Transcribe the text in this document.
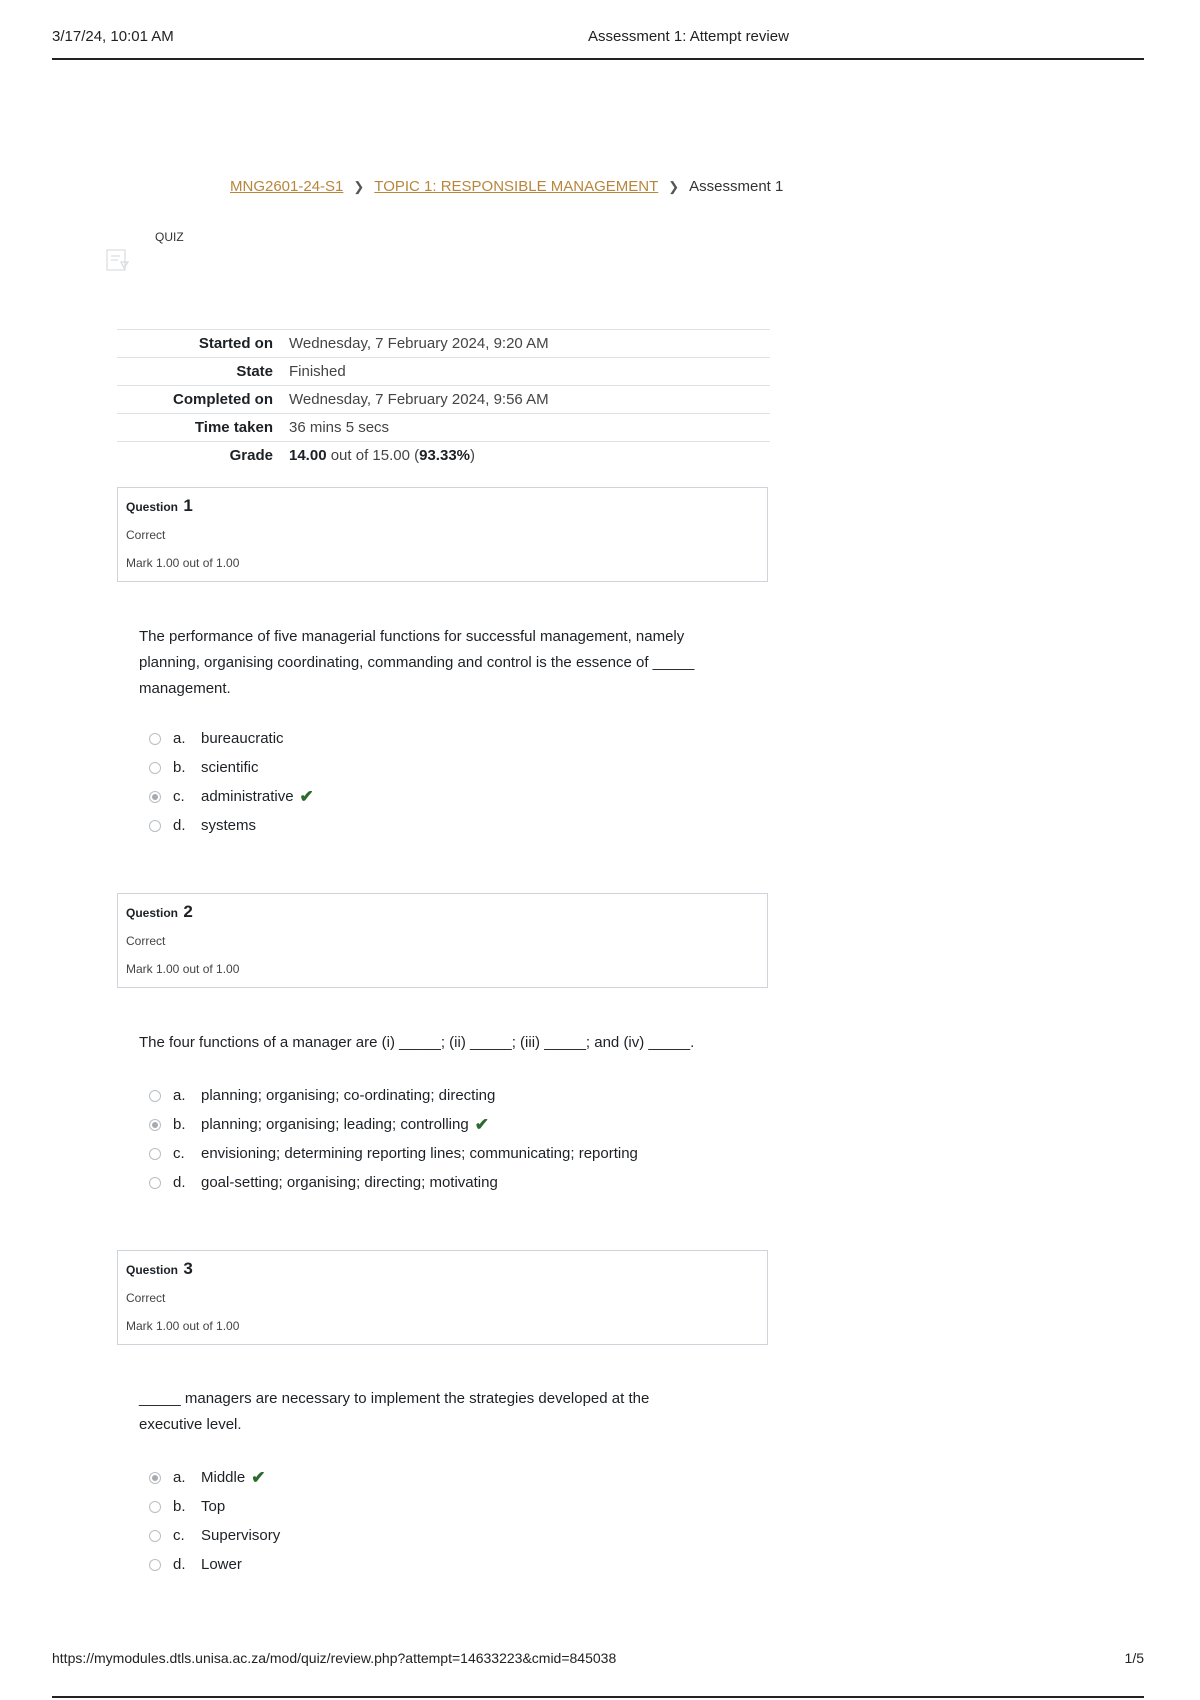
3/17/24, 10:01 AM	Assessment 1: Attempt review
MNG2601-24-S1 ❯ TOPIC 1: RESPONSIBLE MANAGEMENT ❯ Assessment 1
QUIZ
Started on	Wednesday, 7 February 2024, 9:20 AM
State	Finished
Completed on	Wednesday, 7 February 2024, 9:56 AM
Time taken	36 mins 5 secs
Grade	14.00 out of 15.00 (93.33%)
Question 1
Correct
Mark 1.00 out of 1.00
The performance of five managerial functions for successful management, namely planning, organising coordinating, commanding and control is the essence of _____ management.
a.	bureaucratic
b.	scientific
c.	administrative ✔
d.	systems
Question 2
Correct
Mark 1.00 out of 1.00
The four functions of a manager are (i) _____; (ii) _____; (iii) _____; and (iv) _____.
a.	planning; organising; co-ordinating; directing
b.	planning; organising; leading; controlling ✔
c.	envisioning; determining reporting lines; communicating; reporting
d.	goal-setting; organising; directing; motivating
Question 3
Correct
Mark 1.00 out of 1.00
_____ managers are necessary to implement the strategies developed at the executive level.
a.	Middle ✔
b.	Top
c.	Supervisory
d.	Lower
https://mymodules.dtls.unisa.ac.za/mod/quiz/review.php?attempt=14633223&cmid=845038	1/5
